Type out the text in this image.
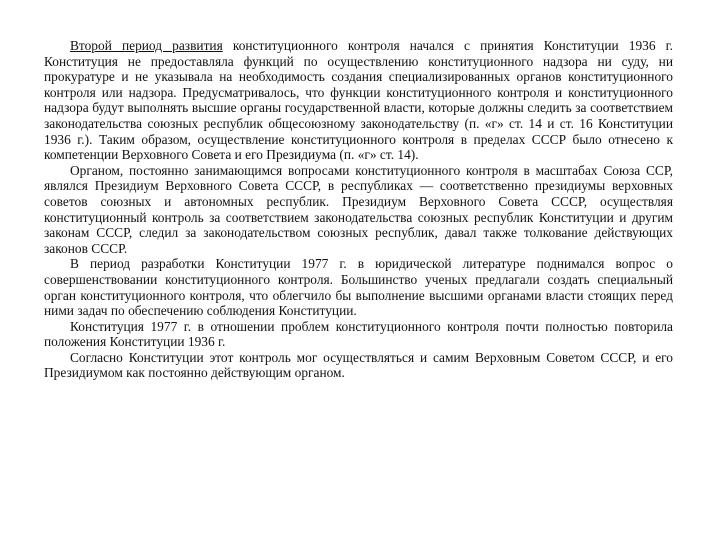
Второй период развития конституционного контроля начался с принятия Конституции 1936 г. Конституция не предоставляла функций по осуществлению конституционного надзора ни суду, ни прокуратуре и не указывала на необходимость создания специализированных органов конституционного контроля или надзора. Предусматривалось, что функции конституционного контроля и конституционного надзора будут выполнять высшие органы государственной власти, которые должны следить за соответствием законодательства союзных республик общесоюзному законодательству (п. «г» ст. 14 и ст. 16 Конституции 1936 г.). Таким образом, осуществление конституционного контроля в пределах СССР было отнесено к компетенции Верховного Совета и его Президиума (п. «г» ст. 14).

Органом, постоянно занимающимся вопросами конституционного контроля в масштабах Союза ССР, являлся Президиум Верховного Совета СССР, в республиках — соответственно президиумы верховных советов союзных и автономных республик. Президиум Верховного Совета СССР, осуществляя конституционный контроль за соответствием законодательства союзных республик Конституции и другим законам СССР, следил за законодательством союзных республик, давал также толкование действующих законов СССР.

В период разработки Конституции 1977 г. в юридической литературе поднимался вопрос о совершенствовании конституционного контроля. Большинство ученых предлагали создать специальный орган конституционного контроля, что облегчило бы выполнение высшими органами власти стоящих перед ними задач по обеспечению соблюдения Конституции.

Конституция 1977 г. в отношении проблем конституционного контроля почти полностью повторила положения Конституции 1936 г.

Согласно Конституции этот контроль мог осуществляться и самим Верховным Советом СССР, и его Президиумом как постоянно действующим органом.
